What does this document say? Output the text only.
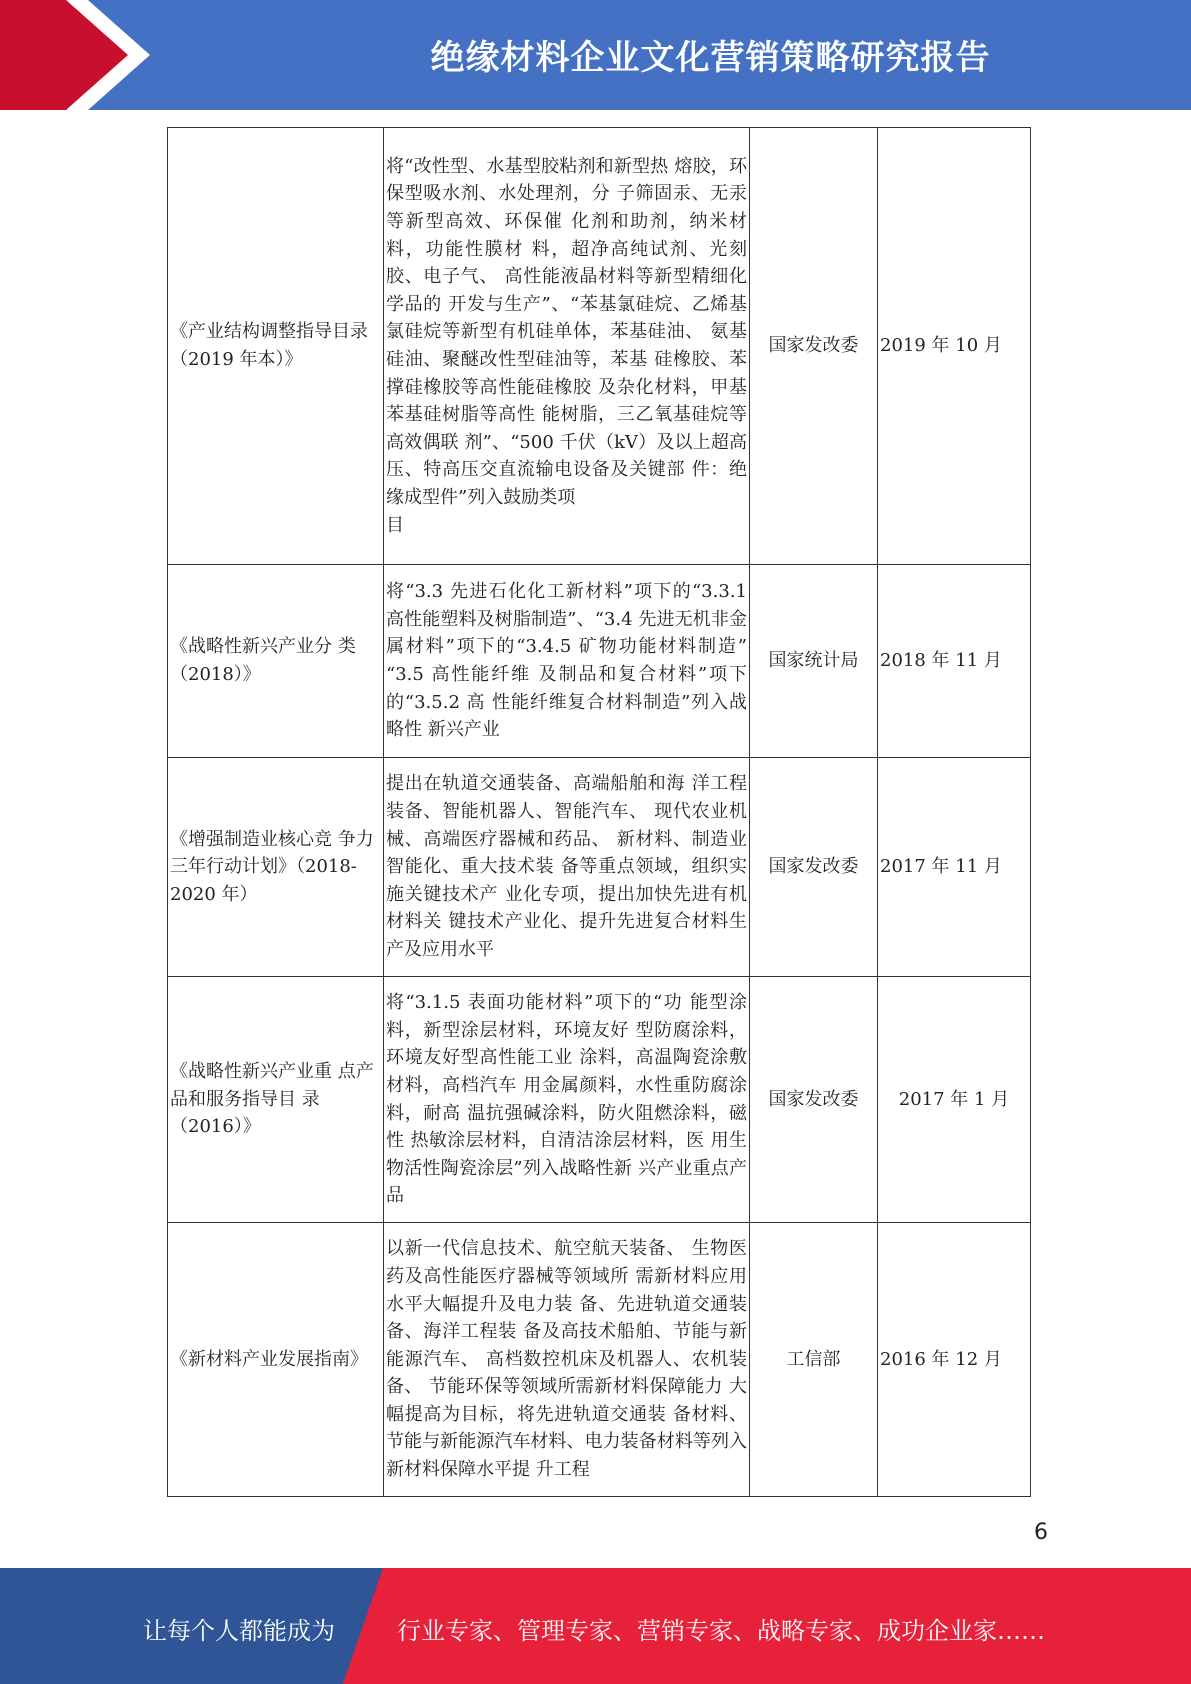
绝缘材料企业文化营销策略研究报告
《产业结构调整指导目录（2019 年本）》	将“改性型、水基型胶粘剂和新型热 熔胶，环保型吸水剂、水处理剂，分 子筛固汞、无汞等新型高效、环保催 化剂和助剂，纳米材料，功能性膜材 料，超净高纯试剂、光刻胶、电子气、 高性能液晶材料等新型精细化学品的 开发与生产”、“苯基氯硅烷、乙烯基 氯硅烷等新型有机硅单体，苯基硅油、 氨基硅油、聚醚改性型硅油等，苯基 硅橡胶、苯撑硅橡胶等高性能硅橡胶 及杂化材料，甲基苯基硅树脂等高性 能树脂，三乙氧基硅烷等高效偶联 剂”、“500 千伏（kV）及以上超高压、特高压交直流输电设备及关键部 件：绝缘成型件”列入鼓励类项
目	国家发改委	2019 年 10 月
《战略性新兴产业分 类（2018）》	将“3.3 先进石化化工新材料”项下的“3.3.1 高性能塑料及树脂制造”、“3.4 先进无机非金属材料”项下的“3.4.5 矿物功能材料制造” “3.5 高性能纤维 及制品和复合材料”项下的“3.5.2 高 性能纤维复合材料制造”列入战略性 新兴产业	国家统计局	2018 年 11 月
《增强制造业核心竞 争力三年行动计划》（2018-2020 年）	提出在轨道交通装备、高端船舶和海 洋工程装备、智能机器人、智能汽车、 现代农业机械、高端医疗器械和药品、 新材料、制造业智能化、重大技术装 备等重点领域，组织实施关键技术产 业化专项，提出加快先进有机材料关 键技术产业化、提升先进复合材料生 产及应用水平	国家发改委	2017 年 11 月
《战略性新兴产业重 点产品和服务指导目 录（2016）》	将“3.1.5 表面功能材料”项下的“功 能型涂料，新型涂层材料，环境友好 型防腐涂料，环境友好型高性能工业 涂料，高温陶瓷涂敷材料，高档汽车 用金属颜料，水性重防腐涂料，耐高 温抗强碱涂料，防火阻燃涂料，磁性 热敏涂层材料，自清洁涂层材料，医 用生物活性陶瓷涂层”列入战略性新 兴产业重点产品	国家发改委	2017 年 1 月
《新材料产业发展指南》	以新一代信息技术、航空航天装备、 生物医药及高性能医疗器械等领域所 需新材料应用水平大幅提升及电力装 备、先进轨道交通装备、海洋工程装 备及高技术船舶、节能与新能源汽车、 高档数控机床及机器人、农机装备、 节能环保等领域所需新材料保障能力 大幅提高为目标，将先进轨道交通装 备材料、节能与新能源汽车材料、电力装备材料等列入新材料保障水平提 升工程	工信部	2016 年 12 月
6
让每个人都能成为	行业专家、管理专家、营销专家、战略专家、成功企业家……
